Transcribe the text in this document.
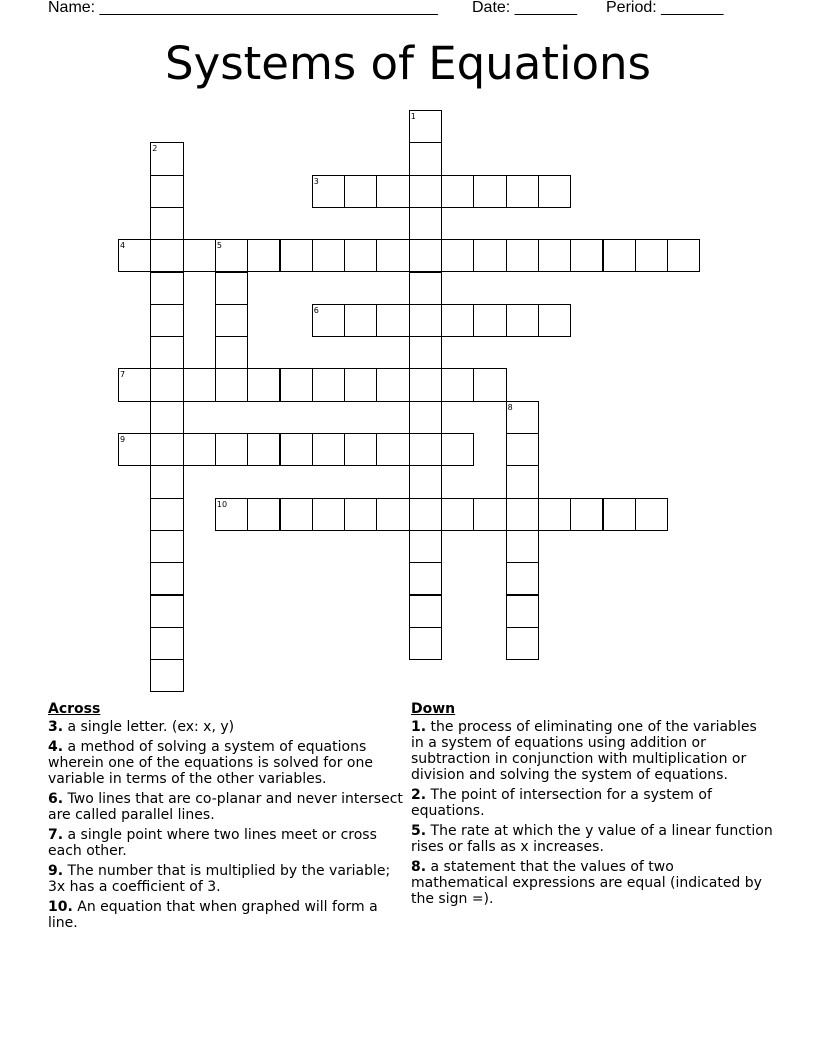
Name: ______________________________________ Date: _______ Period: _______
Systems of Equations
1
2
3
4	5
6
7
8
9
10
Across
3. a single letter. (ex: x, y)
4. a method of solving a system of equations wherein one of the equations is solved for one variable in terms of the other variables.
6. Two lines that are co-planar and never intersect are called parallel lines.
7. a single point where two lines meet or cross each other.
9. The number that is multiplied by the variable; 3x has a coefficient of 3.
10. An equation that when graphed will form a line.
Down
1. the process of eliminating one of the variables in a system of equations using addition or subtraction in conjunction with multiplication or division and solving the system of equations.
2. The point of intersection for a system of equations.
5. The rate at which the y value of a linear function rises or falls as x increases.
8. a statement that the values of two mathematical expressions are equal (indicated by the sign =).
